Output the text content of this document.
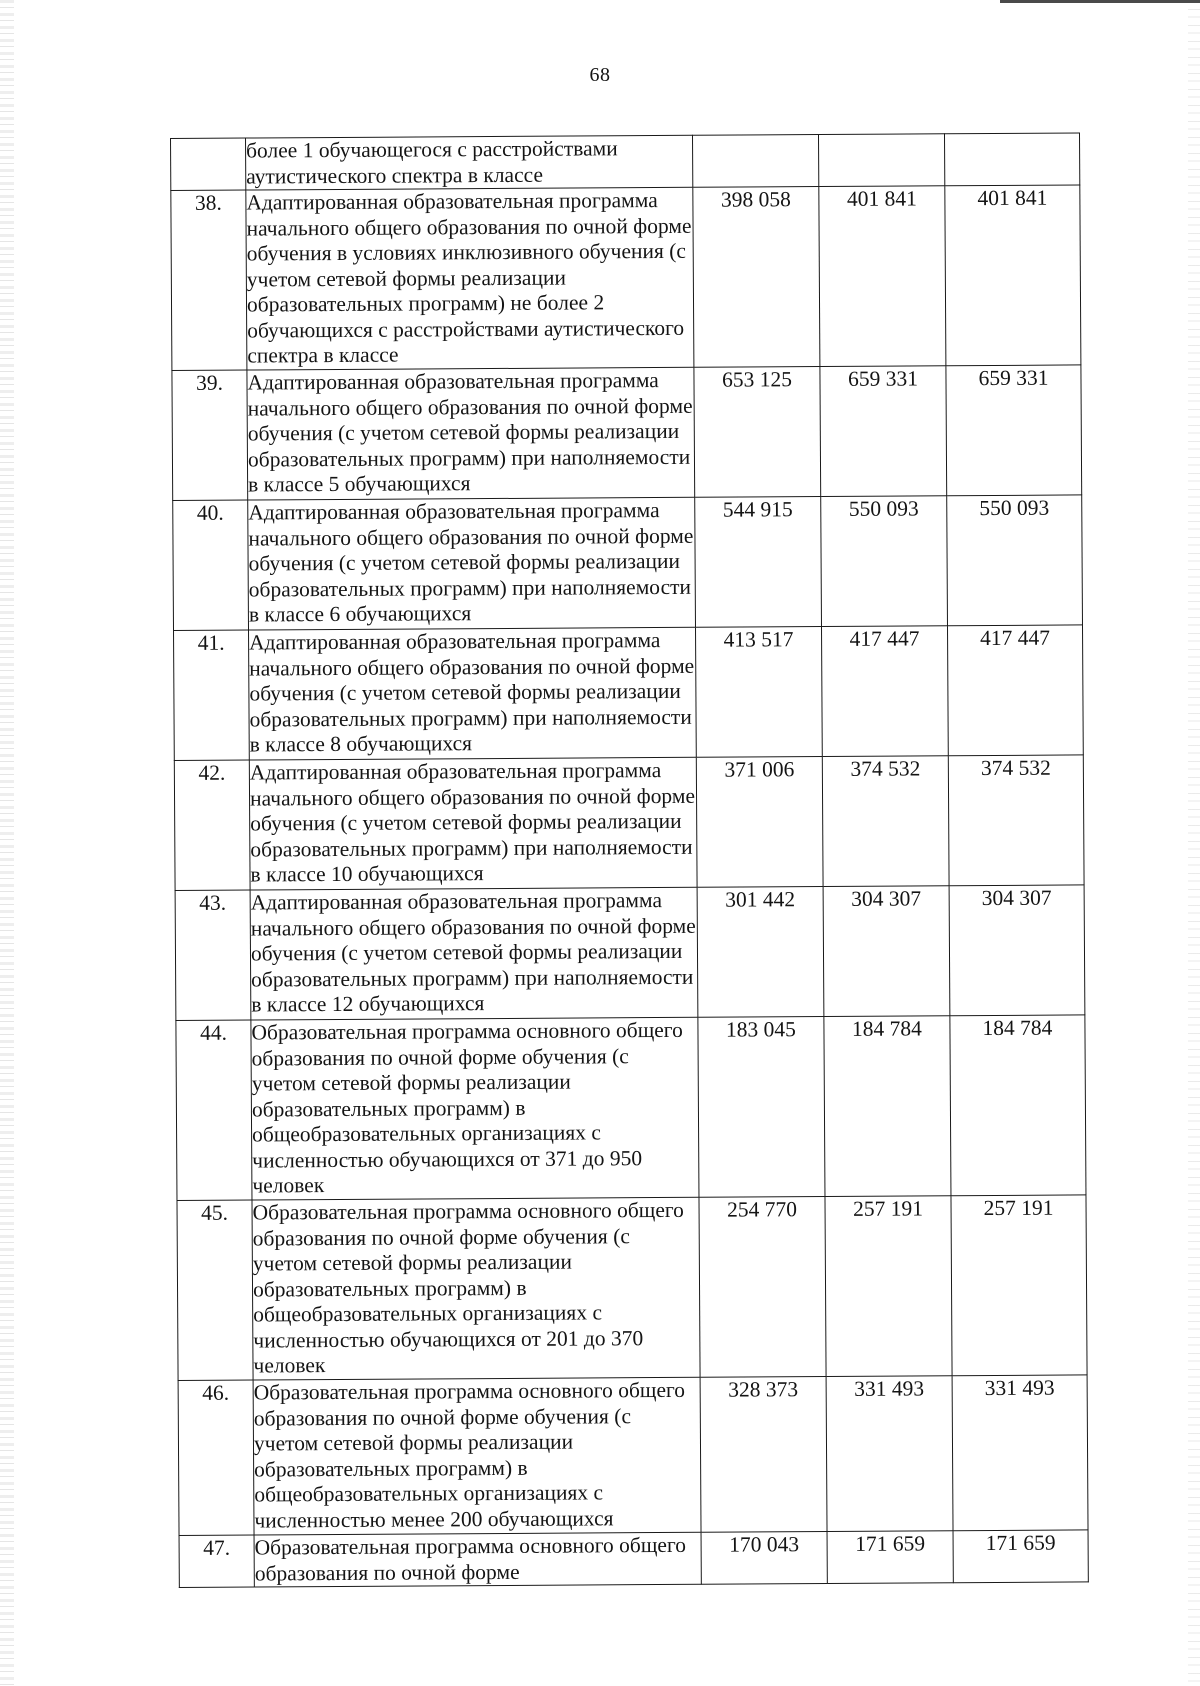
68
	более 1 обучающегося с расстройствами аутистического спектра в классе			
38.	Адаптированная образовательная программа начального общего образования по очной форме обучения в условиях инклюзивного обучения (с учетом сетевой формы реализации образовательных программ) не более 2 обучающихся с расстройствами аутистического спектра в классе	398 058	401 841	401 841
39.	Адаптированная образовательная программа начального общего образования по очной форме обучения (с учетом сетевой формы реализации образовательных программ) при наполняемости в классе 5 обучающихся	653 125	659 331	659 331
40.	Адаптированная образовательная программа начального общего образования по очной форме обучения (с учетом сетевой формы реализации образовательных программ) при наполняемости в классе 6 обучающихся	544 915	550 093	550 093
41.	Адаптированная образовательная программа начального общего образования по очной форме обучения (с учетом сетевой формы реализации образовательных программ) при наполняемости в классе 8 обучающихся	413 517	417 447	417 447
42.	Адаптированная образовательная программа начального общего образования по очной форме обучения (с учетом сетевой формы реализации образовательных программ) при наполняемости в классе 10 обучающихся	371 006	374 532	374 532
43.	Адаптированная образовательная программа начального общего образования по очной форме обучения (с учетом сетевой формы реализации образовательных программ) при наполняемости в классе 12 обучающихся	301 442	304 307	304 307
44.	Образовательная программа основного общего образования по очной форме обучения (с учетом сетевой формы реализации образовательных программ) в общеобразовательных организациях с численностью обучающихся от 371 до 950 человек	183 045	184 784	184 784
45.	Образовательная программа основного общего образования по очной форме обучения (с учетом сетевой формы реализации образовательных программ) в общеобразовательных организациях с численностью обучающихся от 201 до 370 человек	254 770	257 191	257 191
46.	Образовательная программа основного общего образования по очной форме обучения (с учетом сетевой формы реализации образовательных программ) в общеобразовательных организациях с численностью менее 200 обучающихся	328 373	331 493	331 493
47.	Образовательная программа основного общего образования по очной форме	170 043	171 659	171 659
